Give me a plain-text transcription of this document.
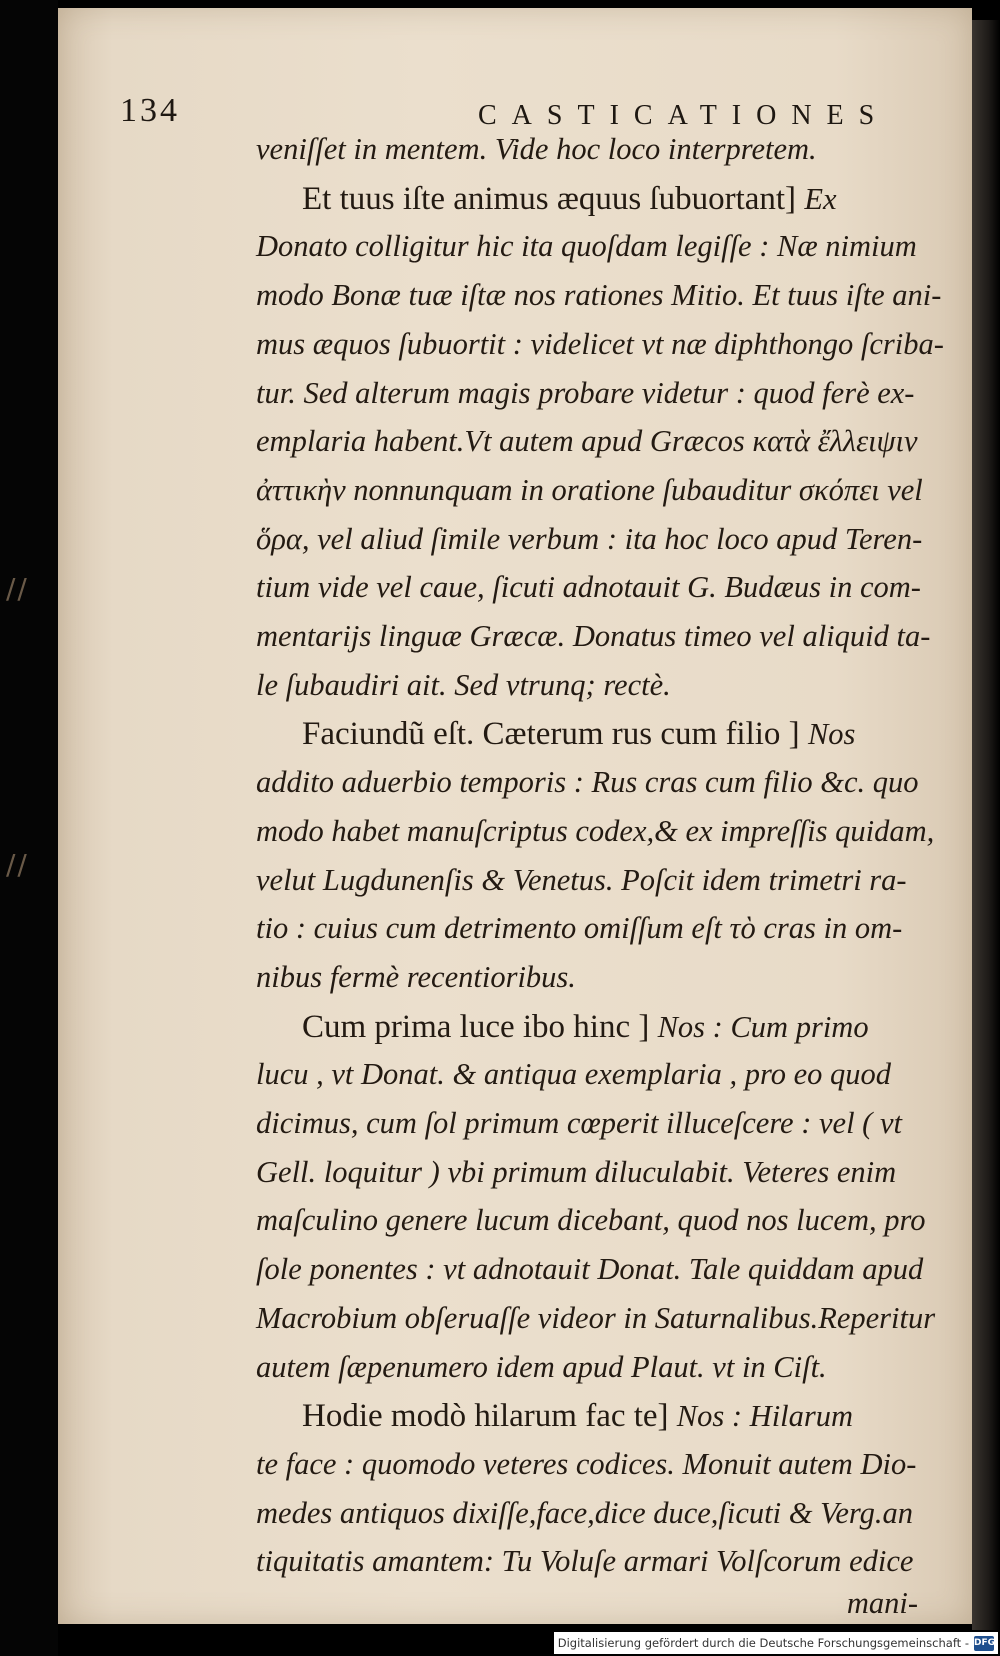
//
//
134	CASTICATIONES
veniſſet in mentem. Vide hoc loco interpretem.
Et tuus iſte animus æquus ſubuortant] Ex
Donato colligitur hic ita quoſdam legiſſe : Næ nimium
modo Bonæ tuæ iſtæ nos rationes Mitio. Et tuus iſte ani-
mus æquos ſubuortit : videlicet vt næ diphthongo ſcriba-
tur. Sed alterum magis probare videtur : quod ferè ex-
emplaria habent.Vt autem apud Græcos κατὰ ἔλλειψιν
ἀττικὴν nonnunquam in oratione ſubauditur σκόπει vel
ὅρα, vel aliud ſimile verbum : ita hoc loco apud Teren-
tium vide vel caue, ſicuti adnotauit G. Budæus in com-
mentarijs linguæ Græcæ. Donatus timeo vel aliquid ta-
le ſubaudiri ait. Sed vtrunq; rectè.
Faciundũ eſt. Cæterum rus cum filio ] Nos
addito aduerbio temporis : Rus cras cum filio &c. quo
modo habet manuſcriptus codex,& ex impreſſis quidam,
velut Lugdunenſis & Venetus. Poſcit idem trimetri ra-
tio : cuius cum detrimento omiſſum eſt τὸ cras in om-
nibus fermè recentioribus.
Cum prima luce ibo hinc ] Nos : Cum primo
lucu , vt Donat. & antiqua exemplaria , pro eo quod
dicimus, cum ſol primum cœperit illuceſcere : vel ( vt
Gell. loquitur ) vbi primum diluculabit. Veteres enim
maſculino genere lucum dicebant, quod nos lucem, pro
ſole ponentes : vt adnotauit Donat. Tale quiddam apud
Macrobium obſeruaſſe videor in Saturnalibus.Reperitur
autem ſæpenumero idem apud Plaut. vt in Ciſt.
Hodie modò hilarum fac te] Nos : Hilarum
te face : quomodo veteres codices. Monuit autem Dio-
medes antiquos dixiſſe,face,dice duce,ſicuti & Verg.an
tiquitatis amantem: Tu Voluſe armari Volſcorum edice
mani-
Digitalisierung gefördert durch die Deutsche Forschungsgemeinschaft - DFG
